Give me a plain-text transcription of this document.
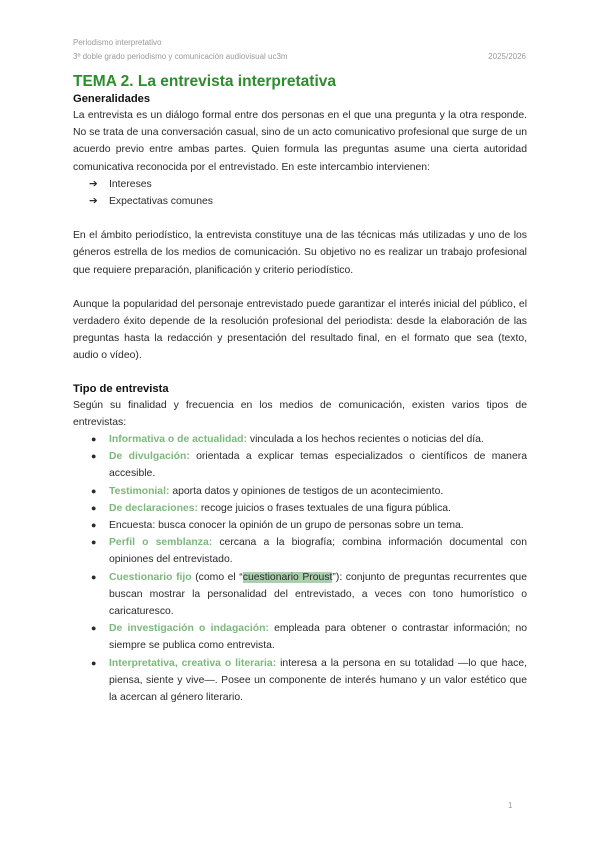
Periodismo interpretativo
3º doble grado periodismo y comunicación audiovisual uc3m	2025/2026
TEMA 2. La entrevista interpretativa
Generalidades

La entrevista es un diálogo formal entre dos personas en el que una pregunta y la otra responde. No se trata de una conversación casual, sino de un acto comunicativo profesional que surge de un acuerdo previo entre ambas partes. Quien formula las preguntas asume una cierta autoridad comunicativa reconocida por el entrevistado. En este intercambio intervienen:

➔ Intereses
➔ Expectativas comunes

En el ámbito periodístico, la entrevista constituye una de las técnicas más utilizadas y uno de los géneros estrella de los medios de comunicación. Su objetivo no es realizar un trabajo profesional que requiere preparación, planificación y criterio periodístico.

Aunque la popularidad del personaje entrevistado puede garantizar el interés inicial del público, el verdadero éxito depende de la resolución profesional del periodista: desde la elaboración de las preguntas hasta la redacción y presentación del resultado final, en el formato que sea (texto, audio o vídeo).

Tipo de entrevista

Según su finalidad y frecuencia en los medios de comunicación, existen varios tipos de entrevistas:

● Informativa o de actualidad: vinculada a los hechos recientes o noticias del día.
● De divulgación: orientada a explicar temas especializados o científicos de manera accesible.
● Testimonial: aporta datos y opiniones de testigos de un acontecimiento.
● De declaraciones: recoge juicios o frases textuales de una figura pública.
● Encuesta: busca conocer la opinión de un grupo de personas sobre un tema.
● Perfil o semblanza: cercana a la biografía; combina información documental con opiniones del entrevistado.
● Cuestionario fijo (como el “cuestionario Proust”): conjunto de preguntas recurrentes que buscan mostrar la personalidad del entrevistado, a veces con tono humorístico o caricaturesco.
● De investigación o indagación: empleada para obtener o contrastar información; no siempre se publica como entrevista.
● Interpretativa, creativa o literaria: interesa a la persona en su totalidad —lo que hace, piensa, siente y vive—. Posee un componente de interés humano y un valor estético que la acercan al género literario.
1
